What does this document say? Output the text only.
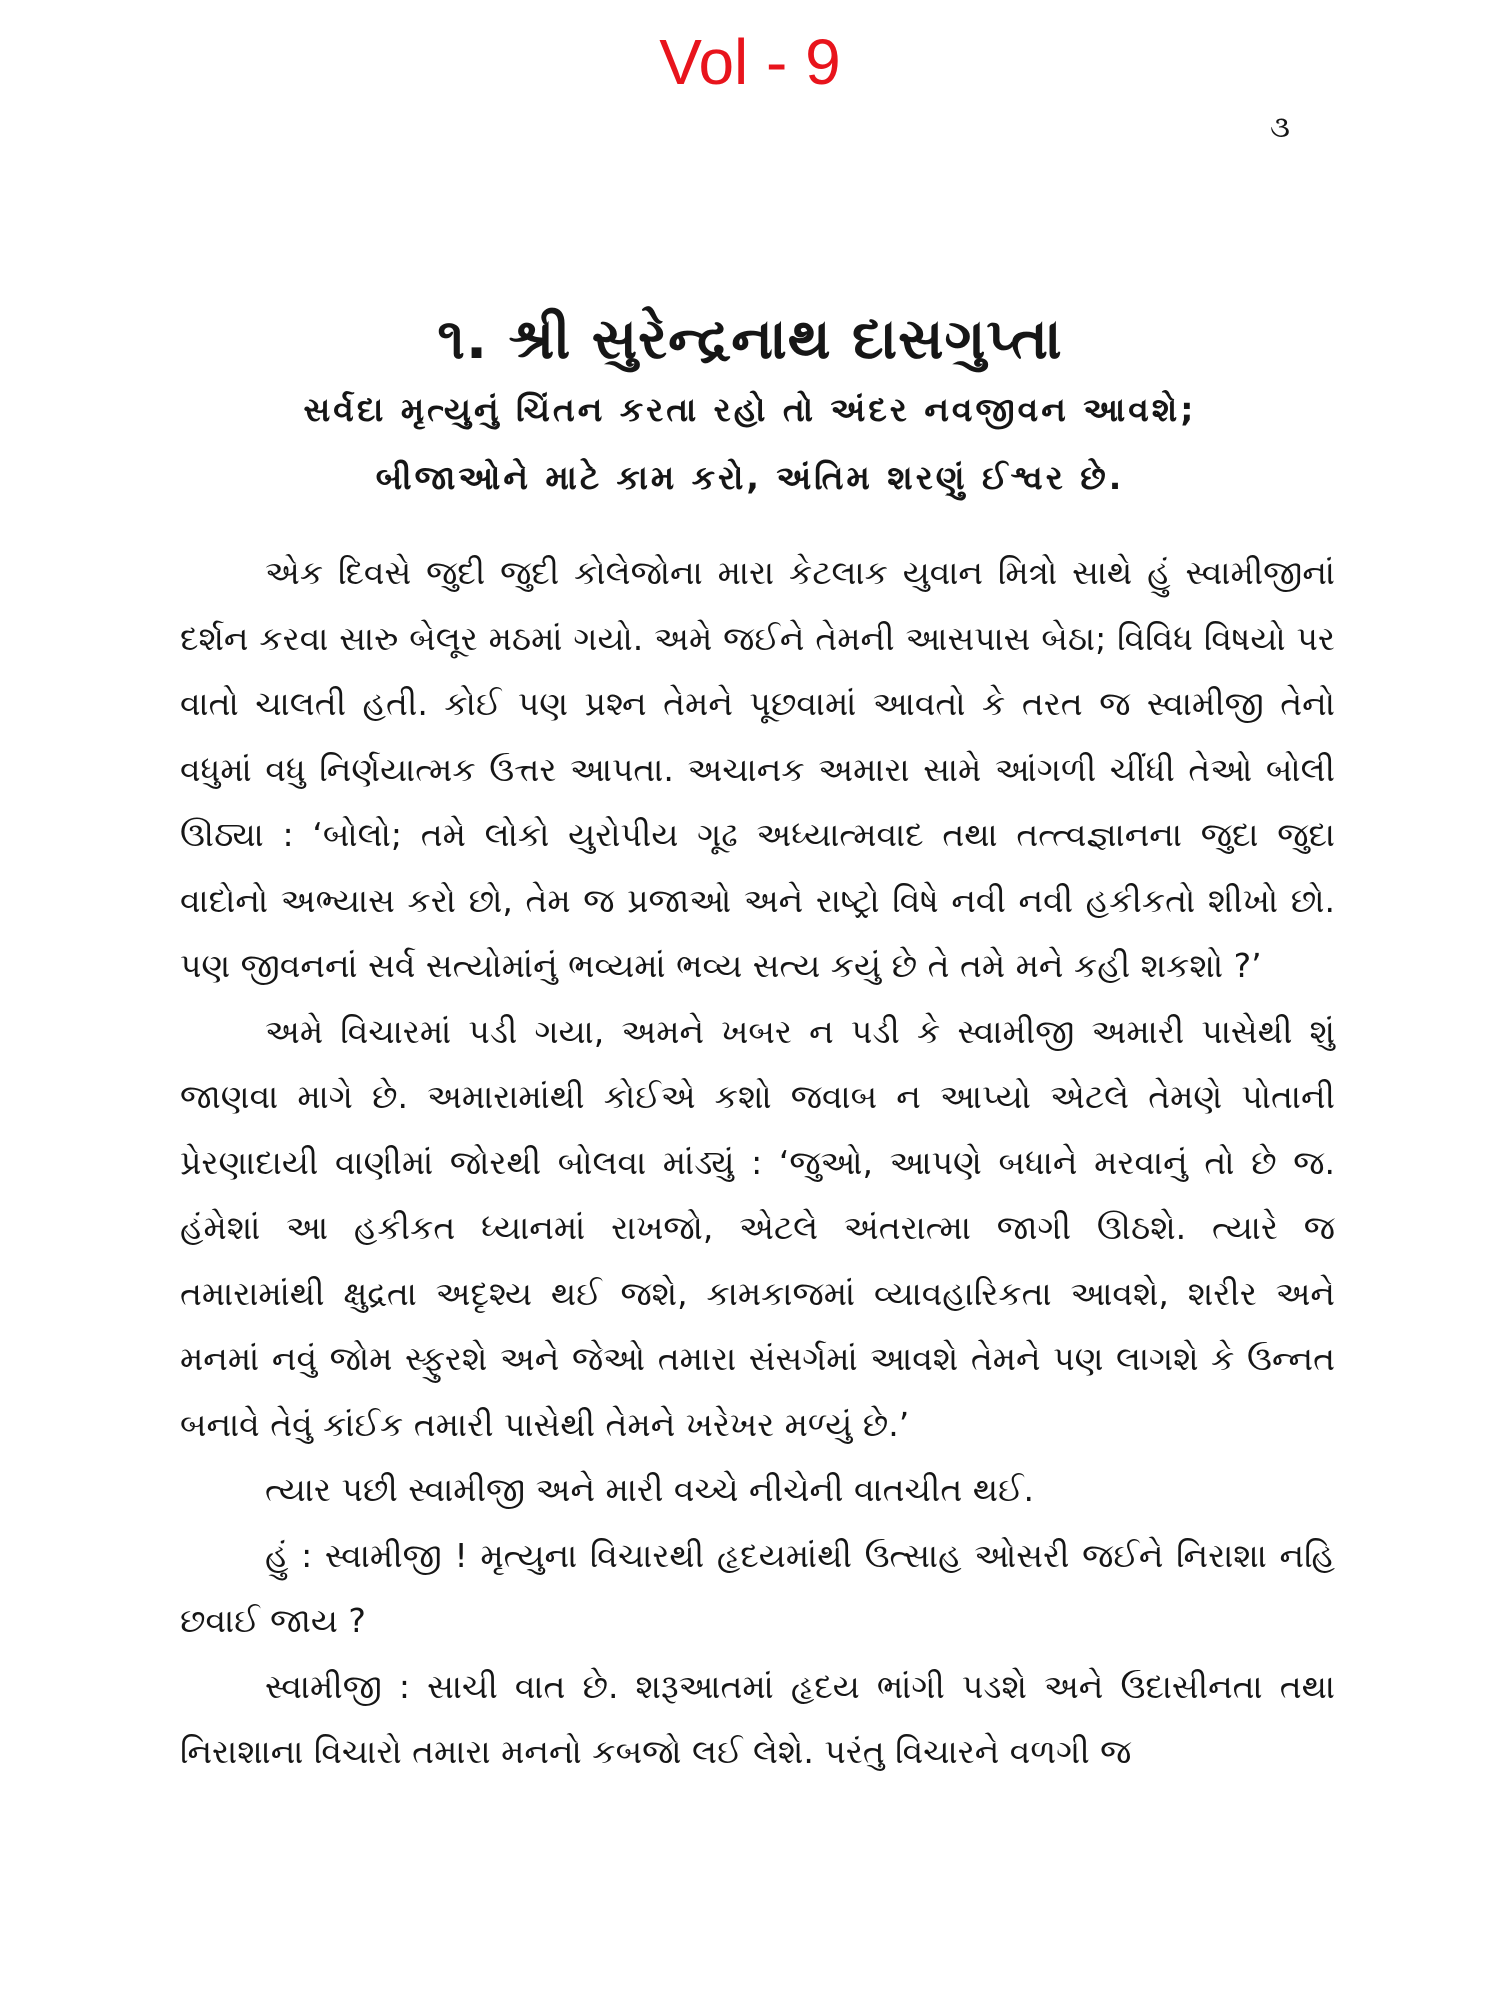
Vol - 9
૩
૧. શ્રી સુરેન્દ્રનાથ દાસગુપ્તા
સર્વદા મૃત્યુનું ચિંતન કરતા રહો તો અંદર નવજીવન આવશે;
બીજાઓને માટે કામ કરો, અંતિમ શરણું ઈશ્વર છે.

એક દિવસે જુદી જુદી કોલેજોના મારા કેટલાક યુવાન મિત્રો સાથે હું સ્વામીજીનાં દર્શન કરવા સારુ બેલૂર મઠમાં ગયો. અમે જઈને તેમની આસપાસ બેઠા; વિવિધ વિષયો પર વાતો ચાલતી હતી. કોઈ પણ પ્રશ્ન તેમને પૂછવામાં આવતો કે તરત જ સ્વામીજી તેનો વધુમાં વધુ નિર્ણયાત્મક ઉત્તર આપતા. અચાનક અમારા સામે આંગળી ચીંધી તેઓ બોલી ઊઠ્યા : ‘બોલો; તમે લોકો યુરોપીય ગૂઢ અધ્યાત્મવાદ તથા તત્ત્વજ્ઞાનના જુદા જુદા વાદોનો અભ્યાસ કરો છો, તેમ જ પ્રજાઓ અને રાષ્ટ્રો વિષે નવી નવી હકીકતો શીખો છો. પણ જીવનનાં સર્વ સત્યોમાંનું ભવ્યમાં ભવ્ય સત્ય કયું છે તે તમે મને કહી શકશો ?’

અમે વિચારમાં પડી ગયા, અમને ખબર ન પડી કે સ્વામીજી અમારી પાસેથી શું જાણવા માગે છે. અમારામાંથી કોઈએ કશો જવાબ ન આપ્યો એટલે તેમણે પોતાની પ્રેરણાદાયી વાણીમાં જોરથી બોલવા માંડ્યું : ‘જુઓ, આપણે બધાને મરવાનું તો છે જ. હંમેશાં આ હકીકત ધ્યાનમાં રાખજો, એટલે અંતરાત્મા જાગી ઊઠશે. ત્યારે જ તમારામાંથી ક્ષુદ્રતા અદૃશ્ય થઈ જશે, કામકાજમાં વ્યાવહારિકતા આવશે, શરીર અને મનમાં નવું જોમ સ્ફુરશે અને જેઓ તમારા સંસર્ગમાં આવશે તેમને પણ લાગશે કે ઉન્નત બનાવે તેવું કાંઈક તમારી પાસેથી તેમને ખરેખર મળ્યું છે.’

ત્યાર પછી સ્વામીજી અને મારી વચ્ચે નીચેની વાતચીત થઈ.

હું : સ્વામીજી ! મૃત્યુના વિચારથી હૃદયમાંથી ઉત્સાહ ઓસરી જઈને નિરાશા નહિ છવાઈ જાય ?

સ્વામીજી : સાચી વાત છે. શરૂઆતમાં હૃદય ભાંગી પડશે અને ઉદાસીનતા તથા નિરાશાના વિચારો તમારા મનનો કબજો લઈ લેશે. પરંતુ વિચારને વળગી જ
